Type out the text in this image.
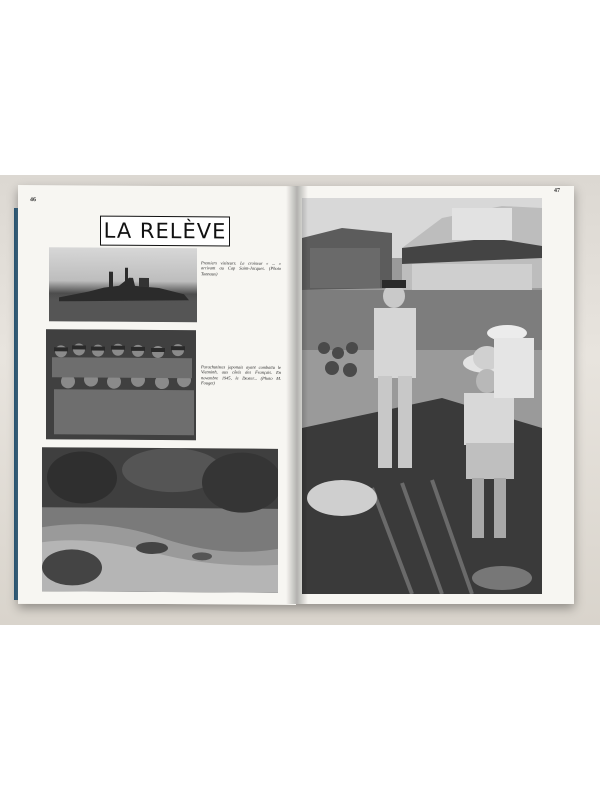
46
LA RELÈVE
Premiers visiteurs. Le croiseur « ... » arrivant au Cap Saint-Jacques. (Photo Tonnaux)
Parachutistes japonais ayant combattu le Vietminh, aux côtés des Français. En novembre 1945, le Dexter... (Photo M. Fouget)
47
